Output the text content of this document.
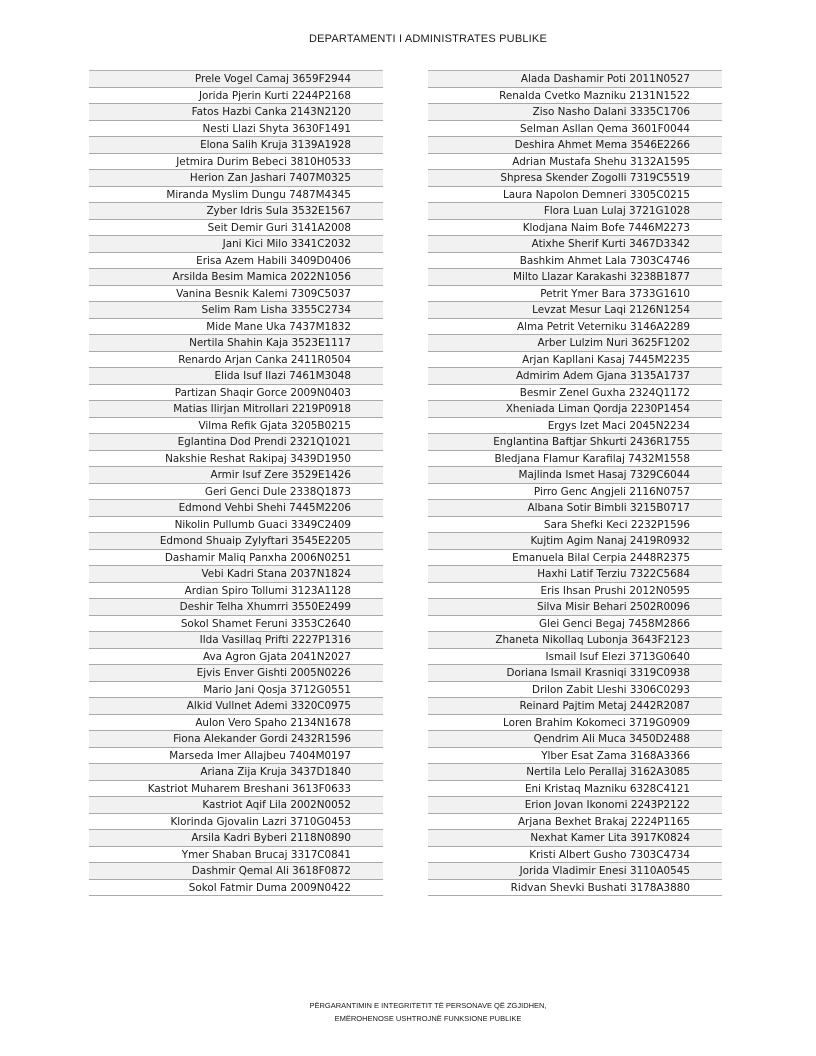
DEPARTAMENTI I ADMINISTRATES PUBLIKE
Prele Vogel Camaj 3659F2944
Jorida Pjerin Kurti 2244P2168
Fatos Hazbi Canka 2143N2120
Nesti Llazi Shyta 3630F1491
Elona Salih Kruja 3139A1928
Jetmira Durim Bebeci 3810H0533
Herion Zan Jashari 7407M0325
Miranda Myslim Dungu 7487M4345
Zyber Idris Sula 3532E1567
Seit Demir Guri 3141A2008
Jani Kici Milo 3341C2032
Erisa Azem Habili 3409D0406
Arsilda Besim Mamica 2022N1056
Vanina Besnik Kalemi 7309C5037
Selim Ram Lisha 3355C2734
Mide Mane Uka 7437M1832
Nertila Shahin Kaja 3523E1117
Renardo Arjan Canka 2411R0504
Elida Isuf Ilazi 7461M3048
Partizan Shaqir Gorce 2009N0403
Matias Ilirjan Mitrollari 2219P0918
Vilma Refik Gjata 3205B0215
Eglantina Dod Prendi 2321Q1021
Nakshie Reshat Rakipaj 3439D1950
Armir Isuf Zere 3529E1426
Geri Genci Dule 2338Q1873
Edmond Vehbi Shehi 7445M2206
Nikolin Pullumb Guaci 3349C2409
Edmond Shuaip Zylyftari 3545E2205
Dashamir Maliq Panxha 2006N0251
Vebi Kadri Stana 2037N1824
Ardian Spiro Tollumi 3123A1128
Deshir Telha Xhumrri 3550E2499
Sokol Shamet Feruni 3353C2640
Ilda Vasillaq Prifti 2227P1316
Ava Agron Gjata 2041N2027
Ejvis Enver Gishti 2005N0226
Mario Jani Qosja 3712G0551
Alkid Vullnet Ademi 3320C0975
Aulon Vero Spaho 2134N1678
Fiona Alekander Gordi 2432R1596
Marseda Imer Allajbeu 7404M0197
Ariana Zija Kruja 3437D1840
Kastriot Muharem Breshani 3613F0633
Kastriot Aqif Lila 2002N0052
Klorinda Gjovalin Lazri 3710G0453
Arsila Kadri Byberi 2118N0890
Ymer Shaban Brucaj 3317C0841
Dashmir Qemal Ali 3618F0872
Sokol Fatmir Duma 2009N0422
Alada Dashamir Poti 2011N0527
Renalda Cvetko Mazniku 2131N1522
Ziso Nasho Dalani 3335C1706
Selman Asllan Qema 3601F0044
Deshira Ahmet Mema 3546E2266
Adrian Mustafa Shehu 3132A1595
Shpresa Skender Zogolli 7319C5519
Laura Napolon Demneri 3305C0215
Flora Luan Lulaj 3721G1028
Klodjana Naim Bofe 7446M2273
Atixhe Sherif Kurti 3467D3342
Bashkim Ahmet Lala 7303C4746
Milto Llazar Karakashi 3238B1877
Petrit Ymer Bara 3733G1610
Levzat Mesur Laqi 2126N1254
Alma Petrit Veterniku 3146A2289
Arber Lulzim Nuri 3625F1202
Arjan Kapllani Kasaj 7445M2235
Admirim Adem Gjana 3135A1737
Besmir Zenel Guxha 2324Q1172
Xheniada Liman Qordja 2230P1454
Ergys Izet Maci 2045N2234
Englantina Baftjar Shkurti 2436R1755
Bledjana Flamur Karafilaj 7432M1558
Majlinda Ismet Hasaj 7329C6044
Pirro Genc Angjeli 2116N0757
Albana Sotir Bimbli 3215B0717
Sara Shefki Keci 2232P1596
Kujtim Agim Nanaj 2419R0932
Emanuela Bilal Cerpia 2448R2375
Haxhi Latif Terziu 7322C5684
Eris Ihsan Prushi 2012N0595
Silva Misir Behari 2502R0096
Glei Genci Begaj 7458M2866
Zhaneta Nikollaq Lubonja 3643F2123
Ismail Isuf Elezi 3713G0640
Doriana Ismail Krasniqi 3319C0938
Drilon Zabit Lleshi 3306C0293
Reinard Pajtim Metaj 2442R2087
Loren Brahim Kokomeci 3719G0909
Qendrim Ali Muca 3450D2488
Ylber Esat Zama 3168A3366
Nertila Lelo Perallaj 3162A3085
Eni Kristaq Mazniku 6328C4121
Erion Jovan Ikonomi 2243P2122
Arjana Bexhet Brakaj 2224P1165
Nexhat Kamer Lita 3917K0824
Kristi Albert Gusho 7303C4734
Jorida Vladimir Enesi 3110A0545
Ridvan Shevki Bushati 3178A3880
PËRGARANTIMIN E INTEGRITETIT TË PERSONAVE QË ZGJIDHEN,
EMËROHENOSE USHTROJNË FUNKSIONE PUBLIKE
